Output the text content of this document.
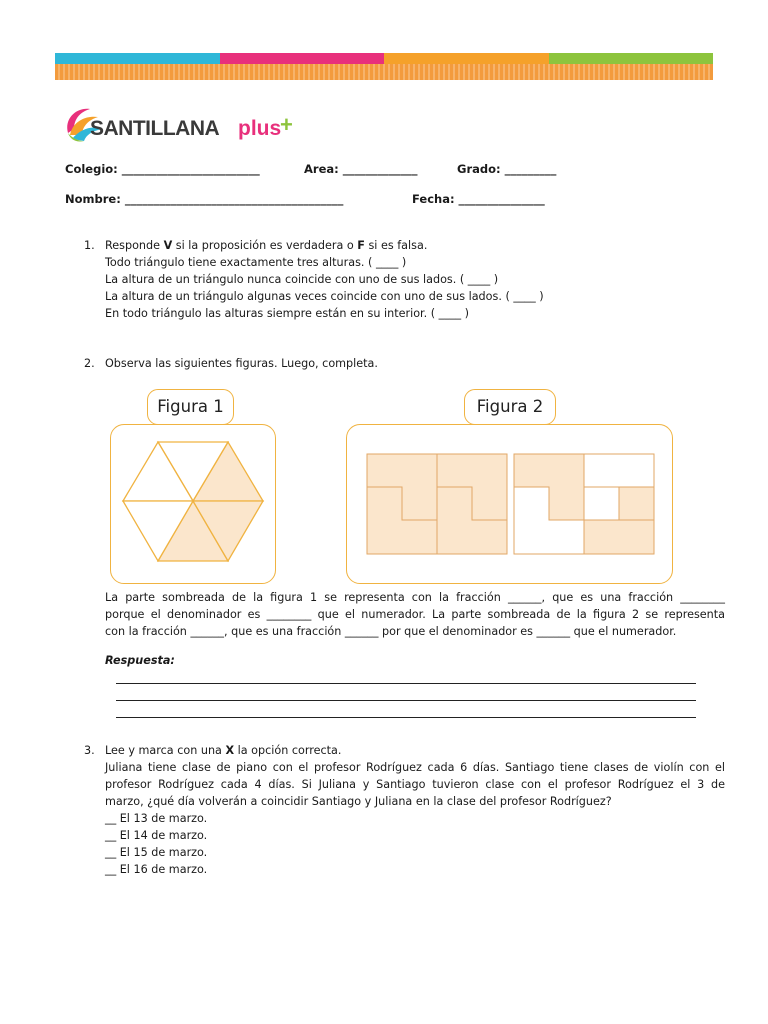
SANTILLANA plus
+
Colegio: ________________________	Area: _____________	Grado: _________
Nombre: ______________________________________	Fecha: _______________
1. Responde V si la proposición es verdadera o F si es falsa.
Todo triángulo tiene exactamente tres alturas. ( ____ )
La altura de un triángulo nunca coincide con uno de sus lados. ( ____ )
La altura de un triángulo algunas veces coincide con uno de sus lados. ( ____ )
En todo triángulo las alturas siempre están en su interior. ( ____ )
2. Observa las siguientes figuras. Luego, completa.
Figura 1	Figura 2
La parte sombreada de la figura 1 se representa con la fracción ______, que es una fracción ________
porque el denominador es ________ que el numerador. La parte sombreada de la figura 2 se representa
con la fracción ______, que es una fracción ______ por que el denominador es ______ que el numerador.
Respuesta:
3. Lee y marca con una X la opción correcta.
Juliana tiene clase de piano con el profesor Rodríguez cada 6 días. Santiago tiene clases de violín con el
profesor Rodríguez cada 4 días. Si Juliana y Santiago tuvieron clase con el profesor Rodríguez el 3 de
marzo, ¿qué día volverán a coincidir Santiago y Juliana en la clase del profesor Rodríguez?
__ El 13 de marzo.
__ El 14 de marzo.
__ El 15 de marzo.
__ El 16 de marzo.
